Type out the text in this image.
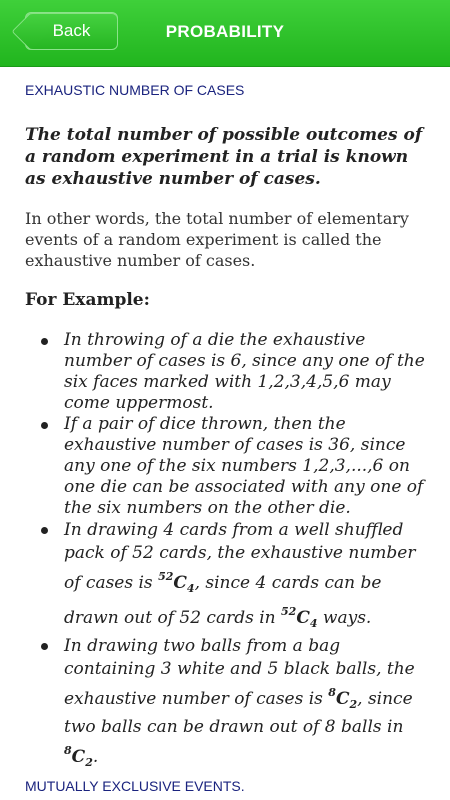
Back	PROBABILITY
EXHAUSTIC NUMBER OF CASES
The total number of possible outcomes of a random experiment in a trial is known as exhaustive number of cases.
In other words, the total number of elementary events of a random experiment is called the exhaustive number of cases.
For Example:
In throwing of a die the exhaustive number of cases is 6, since any one of the six faces marked with 1,2,3,4,5,6 may come uppermost.
If a pair of dice thrown, then the exhaustive number of cases is 36, since any one of the six numbers 1,2,3,...,6 on one die can be associated with any one of the six numbers on the other die.
In drawing 4 cards from a well shuffled pack of 52 cards, the exhaustive number of cases is $^{52}C_4$, since 4 cards can be drawn out of 52 cards in $^{52}C_4$ ways.
In drawing two balls from a bag containing 3 white and 5 black balls, the exhaustive number of cases is $^8C_2$, since two balls can be drawn out of 8 balls in $^8C_2$.
MUTUALLY EXCLUSIVE EVENTS.
